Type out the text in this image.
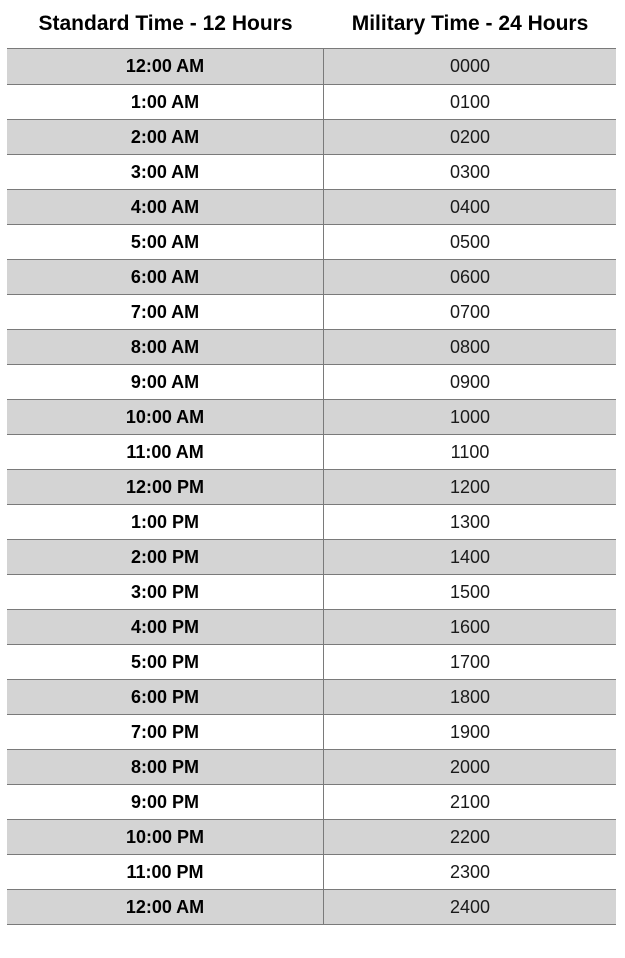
Standard Time - 12 Hours	Military Time - 24 Hours
12:00 AM	0000
1:00 AM	0100
2:00 AM	0200
3:00 AM	0300
4:00 AM	0400
5:00 AM	0500
6:00 AM	0600
7:00 AM	0700
8:00 AM	0800
9:00 AM	0900
10:00 AM	1000
11:00 AM	1100
12:00 PM	1200
1:00 PM	1300
2:00 PM	1400
3:00 PM	1500
4:00 PM	1600
5:00 PM	1700
6:00 PM	1800
7:00 PM	1900
8:00 PM	2000
9:00 PM	2100
10:00 PM	2200
11:00 PM	2300
12:00 AM	2400
